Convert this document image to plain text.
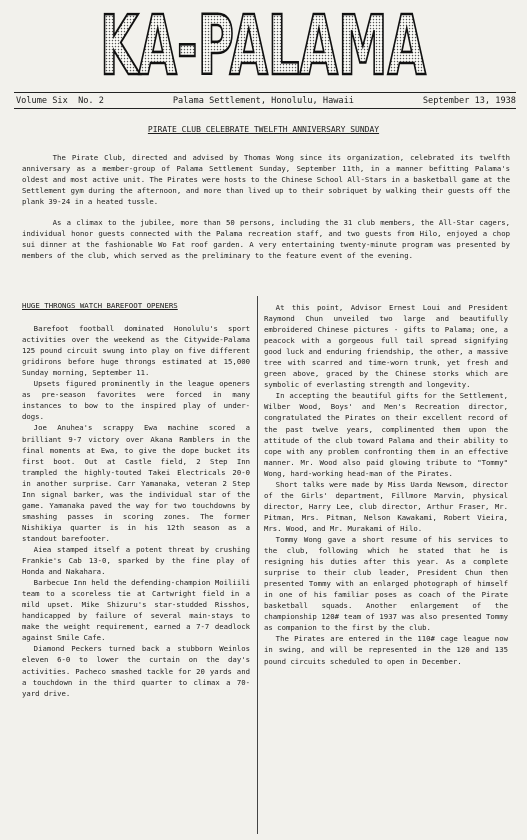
KA-PALAMA
Volume Six  No. 2	Palama Settlement, Honolulu, Hawaii	September 13, 1938
PIRATE CLUB CELEBRATE TWELFTH ANNIVERSARY SUNDAY

The Pirate Club, directed and advised by Thomas Wong since its organization, celebrated its twelfth anniversary as a member-group of Palama Settlement Sunday, September 11th, in a manner befitting Palama's oldest and most active unit. The Pirates were hosts to the Chinese School All-Stars in a basketball game at the Settlement gym during the afternoon, and more than lived up to their sobriquet by walking their guests off the plank 39-24 in a heated tussle.

As a climax to the jubilee, more than 50 persons, including the 31 club members, the All-Star cagers, individual honor guests connected with the Palama recreation staff, and two guests from Hilo, enjoyed a chop sui dinner at the fashionable Wo Fat roof garden. A very entertaining twenty-minute program was presented by members of the club, which served as the preliminary to the feature event of the evening.

HUGE THRONGS WATCH BAREFOOT OPENERS

Barefoot football dominated Honolulu's sport activities over the weekend as the Citywide-Palama 125 pound circuit swung into play on five different gridirons before huge throngs estimated at 15,000 Sunday morning, September 11.

Upsets figured prominently in the league openers as pre-season favorites were forced in many instances to bow to the inspired play of under-dogs.

Joe Anuhea's scrappy Ewa machine scored a brilliant 9-7 victory over Akana Ramblers in the final moments at Ewa, to give the dope bucket its first boot. Out at Castle field, 2 Step Inn trampled the highly-touted Takei Electricals 20-0 in another surprise. Carr Yamanaka, veteran 2 Step Inn signal barker, was the individual star of the game. Yamanaka paved the way for two touchdowns by smashing passes in scoring zones. The former Nishikiya quarter is in his 12th season as a standout barefooter.

Aiea stamped itself a potent threat by crushing Frankie's Cab 13-0, sparked by the fine play of Honda and Nakahara.

Barbecue Inn held the defending-champion Moiliili team to a scoreless tie at Cartwright field in a mild upset. Mike Shizuru's star-studded Risshos, handicapped by failure of several main-stays to make the weight requirement, earned a 7-7 deadlock against Smile Cafe.

Diamond Peckers turned back a stubborn Weinlos eleven 6-0 to lower the curtain on the day's activities. Pacheco smashed tackle for 20 yards and a touchdown in the third quarter to climax a 70-yard drive.

At this point, Advisor Ernest Loui and President Raymond Chun unveiled two large and beautifully embroidered Chinese pictures - gifts to Palama; one, a peacock with a gorgeous full tail spread signifying good luck and enduring friendship, the other, a massive tree with scarred and time-worn trunk, yet fresh and green above, graced by the Chinese storks which are symbolic of everlasting strength and longevity.

In accepting the beautiful gifts for the Settlement, Wilber Wood, Boys' and Men's Recreation director, congratulated the Pirates on their excellent record of the past twelve years, complimented them upon the attitude of the club toward Palama and their ability to cope with any problem confronting them in an effective manner. Mr. Wood also paid glowing tribute to "Tommy" Wong, hard-working head-man of the Pirates.

Short talks were made by Miss Uarda Newsom, director of the Girls' department, Fillmore Marvin, physical director, Harry Lee, club director, Arthur Fraser, Mr. Pitman, Mrs. Pitman, Nelson Kawakami, Robert Vieira, Mrs. Wood, and Mr. Murakami of Hilo.

Tommy Wong gave a short resume of his services to the club, following which he stated that he is resigning his duties after this year. As a complete surprise to their club leader, President Chun then presented Tommy with an enlarged photograph of himself in one of his familiar poses as coach of the Pirate basketball squads. Another enlargement of the championship 120# team of 1937 was also presented Tommy as companion to the first by the club.

The Pirates are entered in the 110# cage league now in swing, and will be represented in the 120 and 135 pound circuits scheduled to open in December.
